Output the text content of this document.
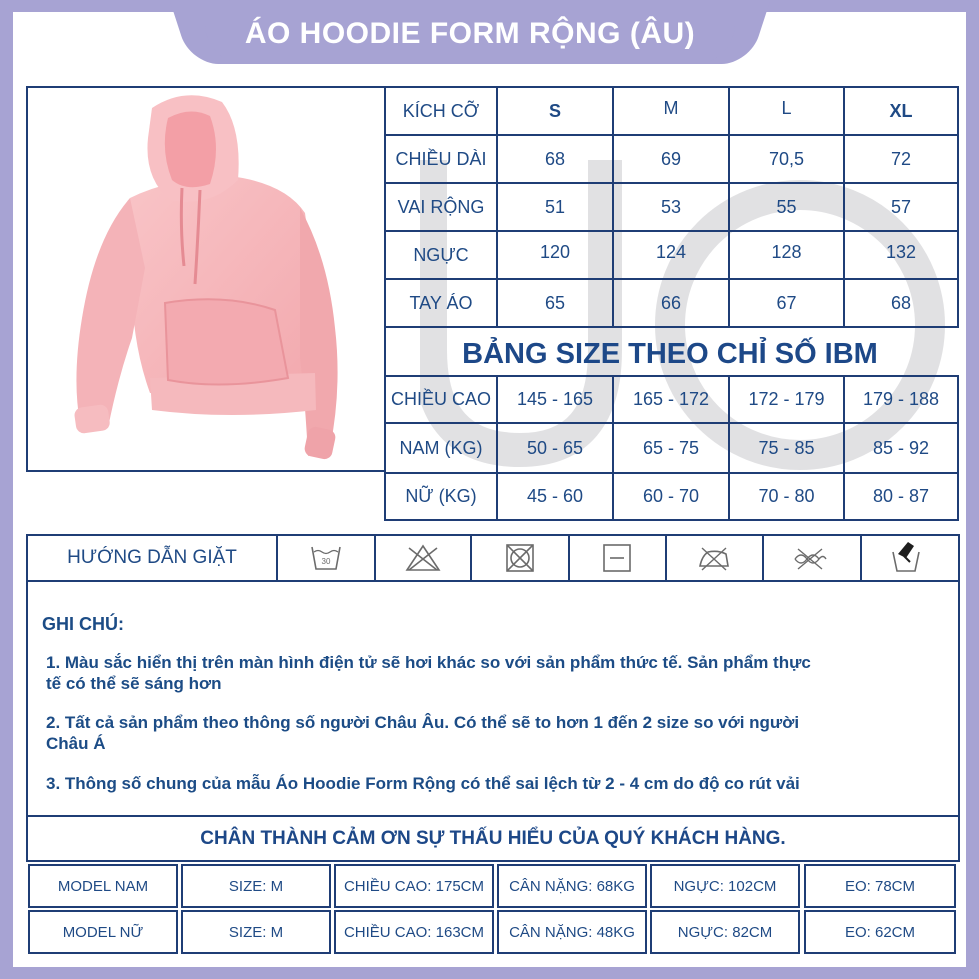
ÁO HOODIE FORM RỘNG (ÂU)
KÍCH CỠ	S	M	L	XL
CHIỀU DÀI	68	69	70,5	72
VAI RỘNG	51	53	55	57
NGỰC	120	124	128	132
TAY ÁO	65	66	67	68
BẢNG SIZE THEO CHỈ SỐ IBM
CHIỀU CAO	145 - 165	165 - 172	172 - 179	179 - 188
NAM (KG)	50 - 65	65 - 75	75 - 85	85 - 92
NỮ (KG)	45 - 60	60 - 70	70 - 80	80 - 87
HƯỚNG DẪN GIẶT	30
GHI CHÚ:
1. Màu sắc hiển thị trên màn hình điện tử sẽ hơi khác so với sản phẩm thức tế. Sản phẩm thực
tế có thể sẽ sáng hơn
2. Tất cả sản phẩm theo thông số người Châu Âu. Có thể sẽ to hơn 1 đến 2 size so với người
Châu Á
3. Thông số chung của mẫu Áo Hoodie Form Rộng có thể sai lệch từ 2 - 4 cm do độ co rút vải
CHÂN THÀNH CẢM ƠN SỰ THẤU HIỂU CỦA QUÝ KHÁCH HÀNG.
MODEL NAM	SIZE: M	CHIỀU CAO: 175CM	CÂN NẶNG: 68KG	NGỰC: 102CM	EO: 78CM
MODEL NỮ	SIZE: M	CHIỀU CAO: 163CM	CÂN NẶNG: 48KG	NGỰC: 82CM	EO: 62CM
